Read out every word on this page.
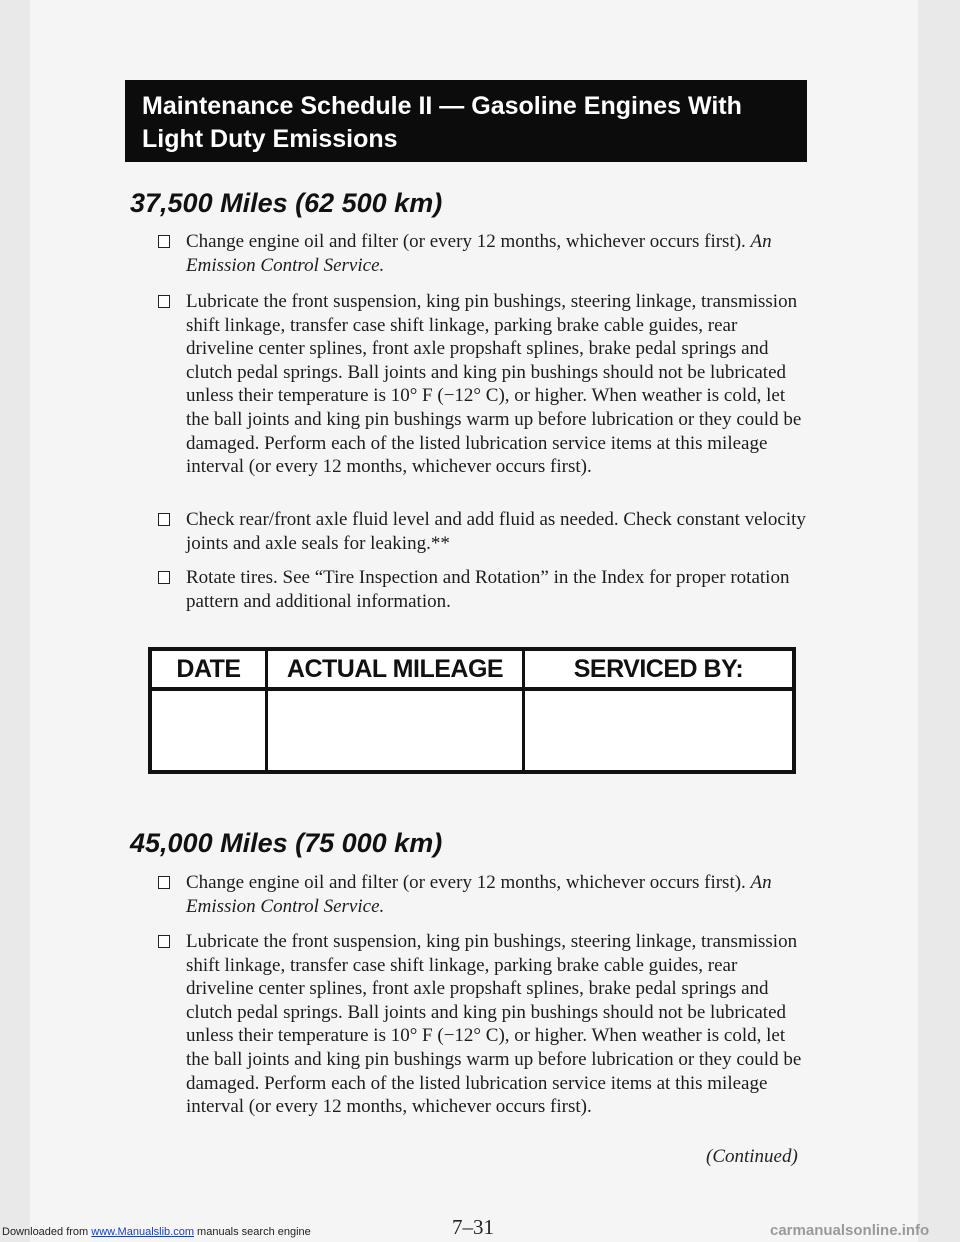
Maintenance Schedule II — Gasoline Engines With
Light Duty Emissions
37,500 Miles (62 500 km)
Change engine oil and filter (or every 12 months, whichever occurs first). An Emission Control Service.
Lubricate the front suspension, king pin bushings, steering linkage, transmission shift linkage, transfer case shift linkage, parking brake cable guides, rear driveline center splines, front axle propshaft splines, brake pedal springs and clutch pedal springs. Ball joints and king pin bushings should not be lubricated unless their temperature is 10° F (−12° C), or higher. When weather is cold, let the ball joints and king pin bushings warm up before lubrication or they could be damaged. Perform each of the listed lubrication service items at this mileage interval (or every 12 months, whichever occurs first).
Check rear/front axle fluid level and add fluid as needed. Check constant velocity joints and axle seals for leaking.**
Rotate tires. See “Tire Inspection and Rotation” in the Index for proper rotation pattern and additional information.
DATE	ACTUAL MILEAGE	SERVICED BY:

45,000 Miles (75 000 km)
Change engine oil and filter (or every 12 months, whichever occurs first). An Emission Control Service.
Lubricate the front suspension, king pin bushings, steering linkage, transmission shift linkage, transfer case shift linkage, parking brake cable guides, rear driveline center splines, front axle propshaft splines, brake pedal springs and clutch pedal springs. Ball joints and king pin bushings should not be lubricated unless their temperature is 10° F (−12° C), or higher. When weather is cold, let the ball joints and king pin bushings warm up before lubrication or they could be damaged. Perform each of the listed lubrication service items at this mileage interval (or every 12 months, whichever occurs first).
(Continued)
7–31
Downloaded from www.Manualslib.com manuals search engine	carmanualsonline.info
